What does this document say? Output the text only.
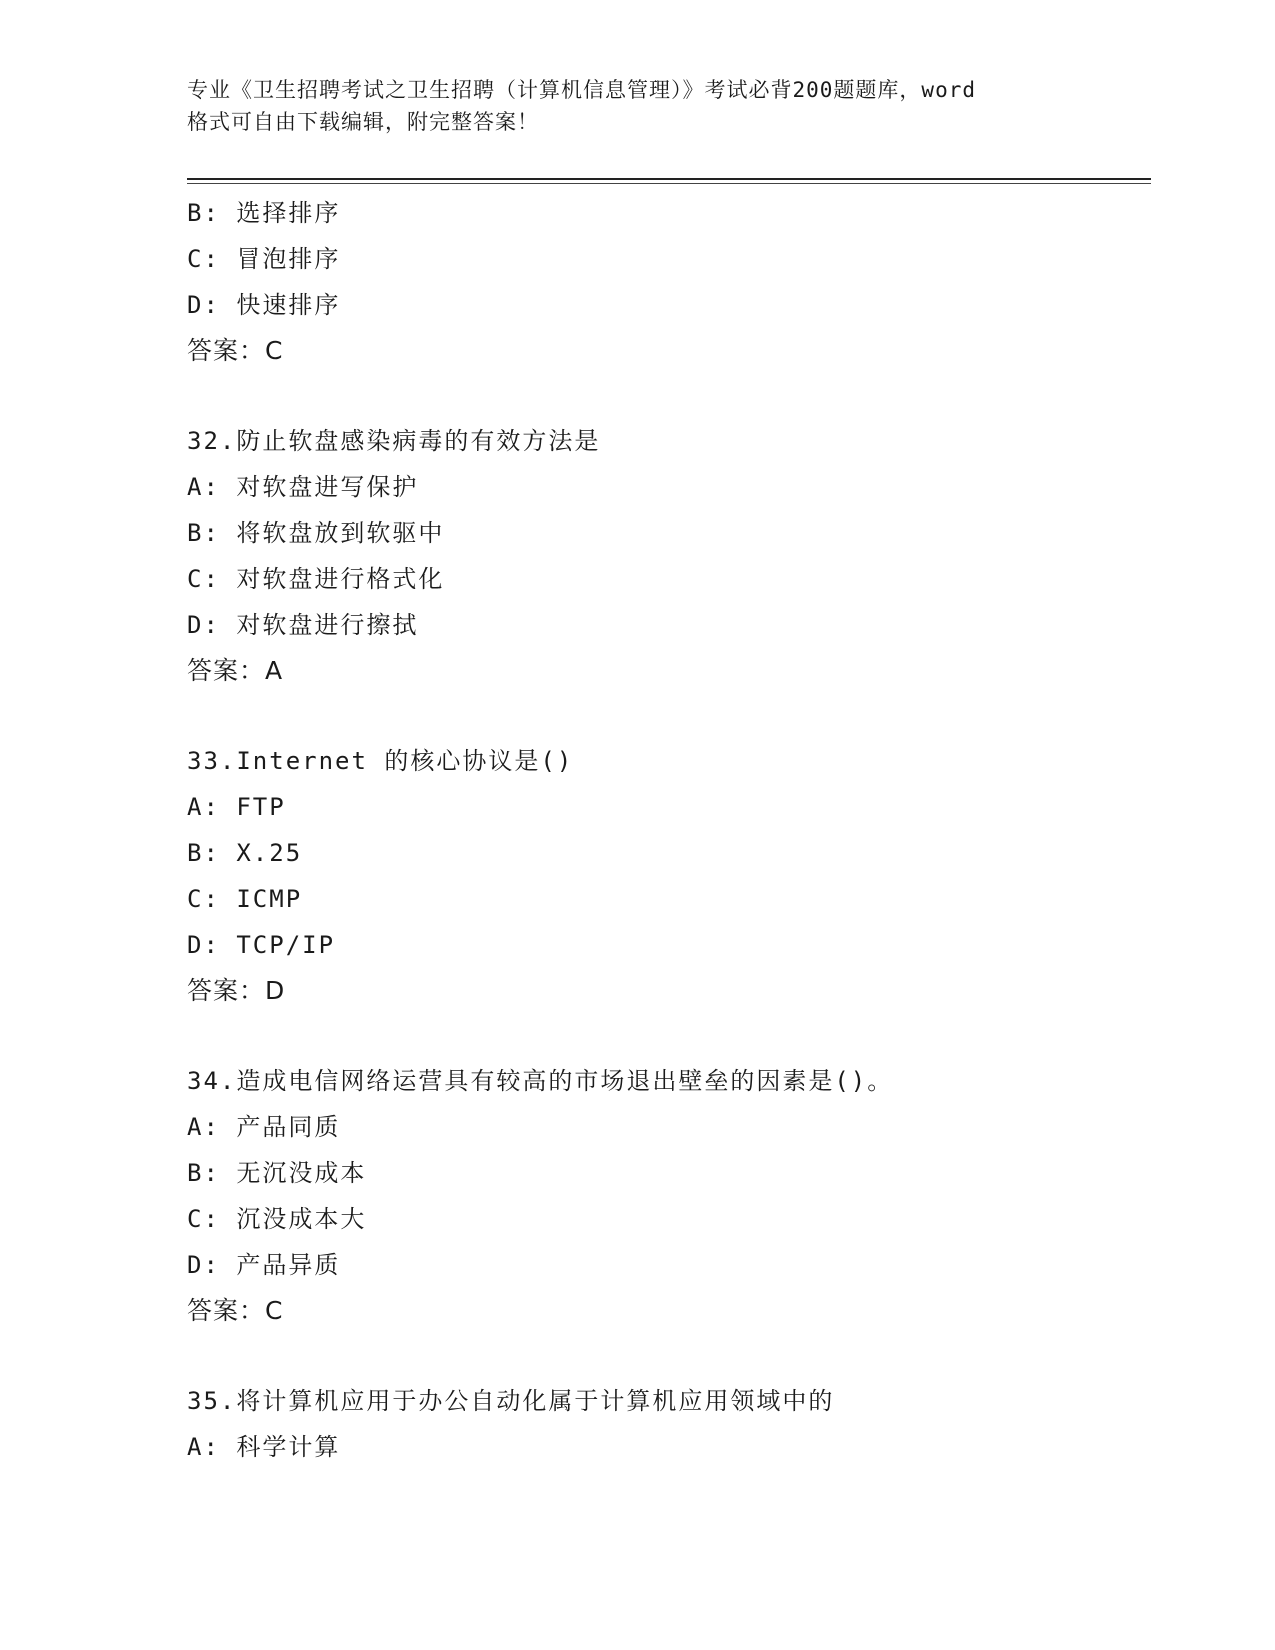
专业《卫生招聘考试之卫生招聘（计算机信息管理）》考试必背200题题库，word
格式可自由下载编辑，附完整答案！
B: 选择排序
C: 冒泡排序
D: 快速排序
答案：C
32.防止软盘感染病毒的有效方法是
A: 对软盘进写保护
B: 将软盘放到软驱中
C: 对软盘进行格式化
D: 对软盘进行擦拭
答案：A
33.Internet 的核心协议是()
A: FTP
B: X.25
C: ICMP
D: TCP/IP
答案：D
34.造成电信网络运营具有较高的市场退出壁垒的因素是()。
A: 产品同质
B: 无沉没成本
C: 沉没成本大
D: 产品异质
答案：C
35.将计算机应用于办公自动化属于计算机应用领域中的
A: 科学计算
